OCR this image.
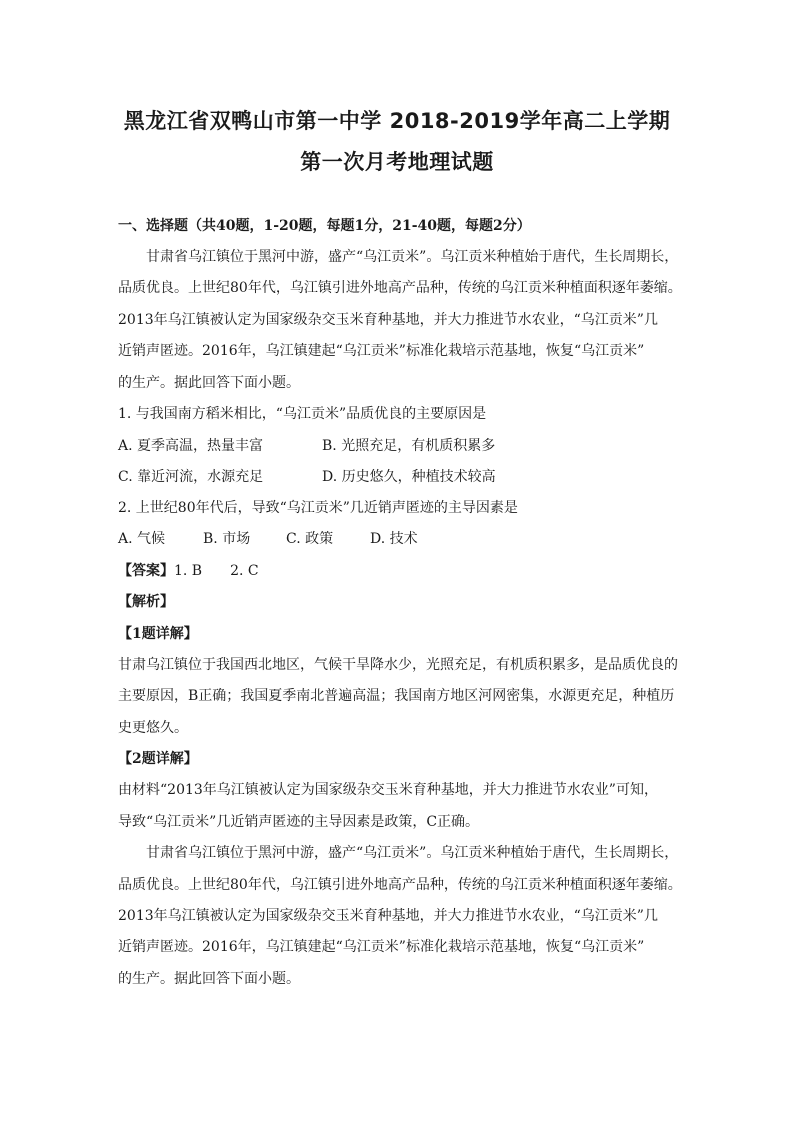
黑龙江省双鸭山市第一中学 2018-2019学年高二上学期
第一次月考地理试题
一、选择题（共40题，1-20题，每题1分，21-40题，每题2分）
甘肃省乌江镇位于黑河中游，盛产“乌江贡米”。乌江贡米种植始于唐代，生长周期长，
品质优良。上世纪80年代，乌江镇引进外地高产品种，传统的乌江贡米种植面积逐年萎缩。
2013年乌江镇被认定为国家级杂交玉米育种基地，并大力推进节水农业，“乌江贡米”几
近销声匿迹。2016年，乌江镇建起“乌江贡米”标准化栽培示范基地，恢复“乌江贡米”
的生产。据此回答下面小题。
1. 与我国南方稻米相比，“乌江贡米”品质优良的主要原因是
A. 夏季高温，热量丰富	B. 光照充足，有机质积累多
C. 靠近河流，水源充足	D. 历史悠久，种植技术较高
2. 上世纪80年代后，导致“乌江贡米”几近销声匿迹的主导因素是
A. 气候	B. 市场	C. 政策	D. 技术
【答案】1. B　　2. C
【解析】
【1题详解】
甘肃乌江镇位于我国西北地区，气候干旱降水少，光照充足，有机质积累多，是品质优良的
主要原因，B正确；我国夏季南北普遍高温；我国南方地区河网密集，水源更充足，种植历
史更悠久。
【2题详解】
由材料“2013年乌江镇被认定为国家级杂交玉米育种基地，并大力推进节水农业”可知，
导致“乌江贡米”几近销声匿迹的主导因素是政策，C正确。
甘肃省乌江镇位于黑河中游，盛产“乌江贡米”。乌江贡米种植始于唐代，生长周期长，
品质优良。上世纪80年代，乌江镇引进外地高产品种，传统的乌江贡米种植面积逐年萎缩。
2013年乌江镇被认定为国家级杂交玉米育种基地，并大力推进节水农业，“乌江贡米”几
近销声匿迹。2016年，乌江镇建起“乌江贡米”标准化栽培示范基地，恢复“乌江贡米”
的生产。据此回答下面小题。
